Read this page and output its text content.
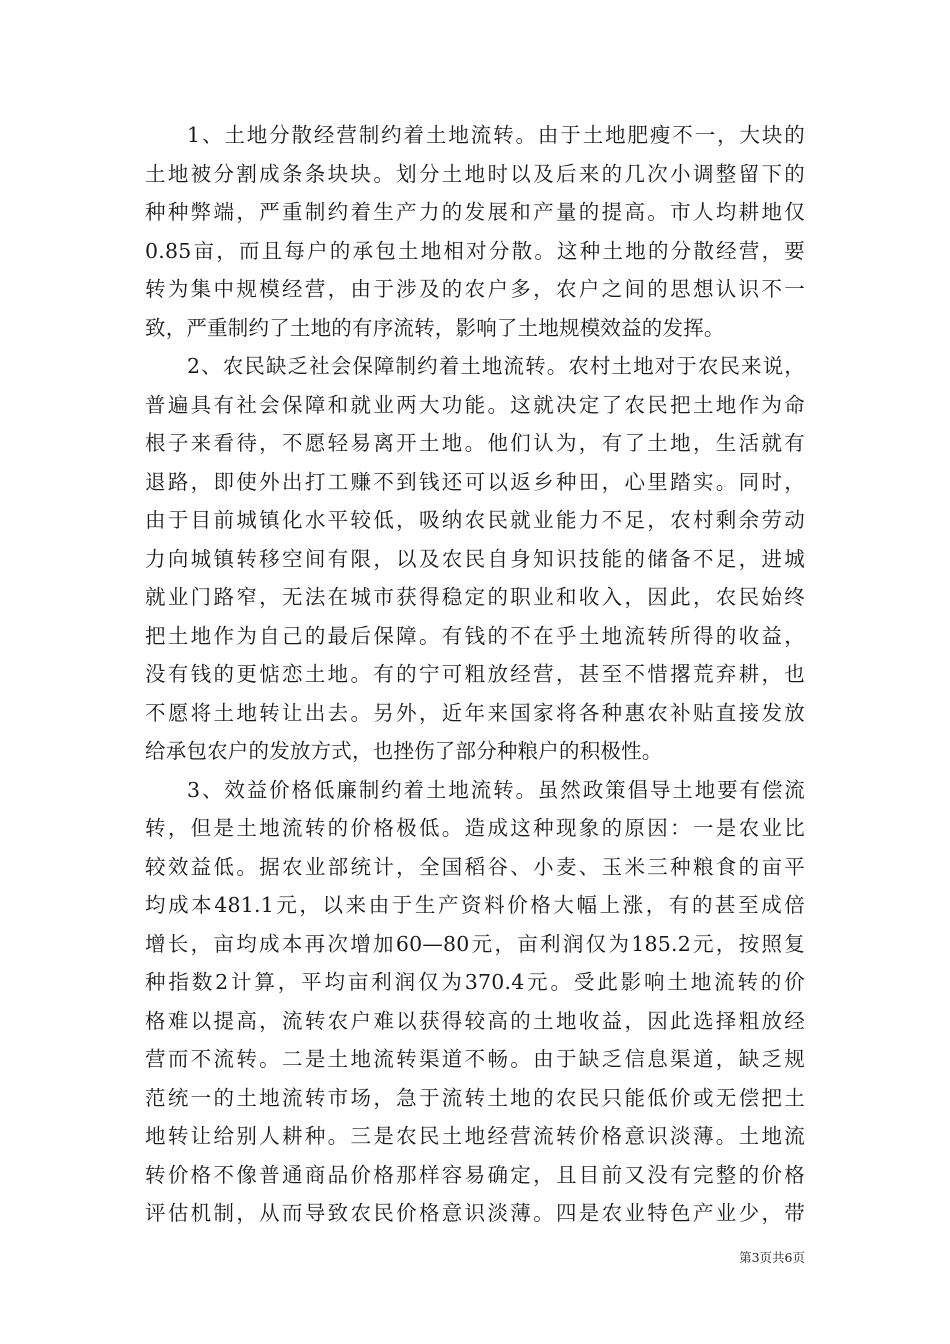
1、土地分散经营制约着土地流转。由于土地肥瘦不一，大块的
土地被分割成条条块块。划分土地时以及后来的几次小调整留下的
种种弊端，严重制约着生产力的发展和产量的提高。市人均耕地仅
0.85亩，而且每户的承包土地相对分散。这种土地的分散经营，要
转为集中规模经营，由于涉及的农户多，农户之间的思想认识不一
致，严重制约了土地的有序流转，影响了土地规模效益的发挥。
2、农民缺乏社会保障制约着土地流转。农村土地对于农民来说，
普遍具有社会保障和就业两大功能。这就决定了农民把土地作为命
根子来看待，不愿轻易离开土地。他们认为，有了土地，生活就有
退路，即使外出打工赚不到钱还可以返乡种田，心里踏实。同时，
由于目前城镇化水平较低，吸纳农民就业能力不足，农村剩余劳动
力向城镇转移空间有限，以及农民自身知识技能的储备不足，进城
就业门路窄，无法在城市获得稳定的职业和收入，因此，农民始终
把土地作为自己的最后保障。有钱的不在乎土地流转所得的收益，
没有钱的更惦恋土地。有的宁可粗放经营，甚至不惜撂荒弃耕，也
不愿将土地转让出去。另外，近年来国家将各种惠农补贴直接发放
给承包农户的发放方式，也挫伤了部分种粮户的积极性。
3、效益价格低廉制约着土地流转。虽然政策倡导土地要有偿流
转，但是土地流转的价格极低。造成这种现象的原因：一是农业比
较效益低。据农业部统计，全国稻谷、小麦、玉米三种粮食的亩平
均成本481.1元，以来由于生产资料价格大幅上涨，有的甚至成倍
增长，亩均成本再次增加60—80元，亩利润仅为185.2元，按照复
种指数2计算，平均亩利润仅为370.4元。受此影响土地流转的价
格难以提高，流转农户难以获得较高的土地收益，因此选择粗放经
营而不流转。二是土地流转渠道不畅。由于缺乏信息渠道，缺乏规
范统一的土地流转市场，急于流转土地的农民只能低价或无偿把土
地转让给别人耕种。三是农民土地经营流转价格意识淡薄。土地流
转价格不像普通商品价格那样容易确定，且目前又没有完整的价格
评估机制，从而导致农民价格意识淡薄。四是农业特色产业少，带
第3页共6页
